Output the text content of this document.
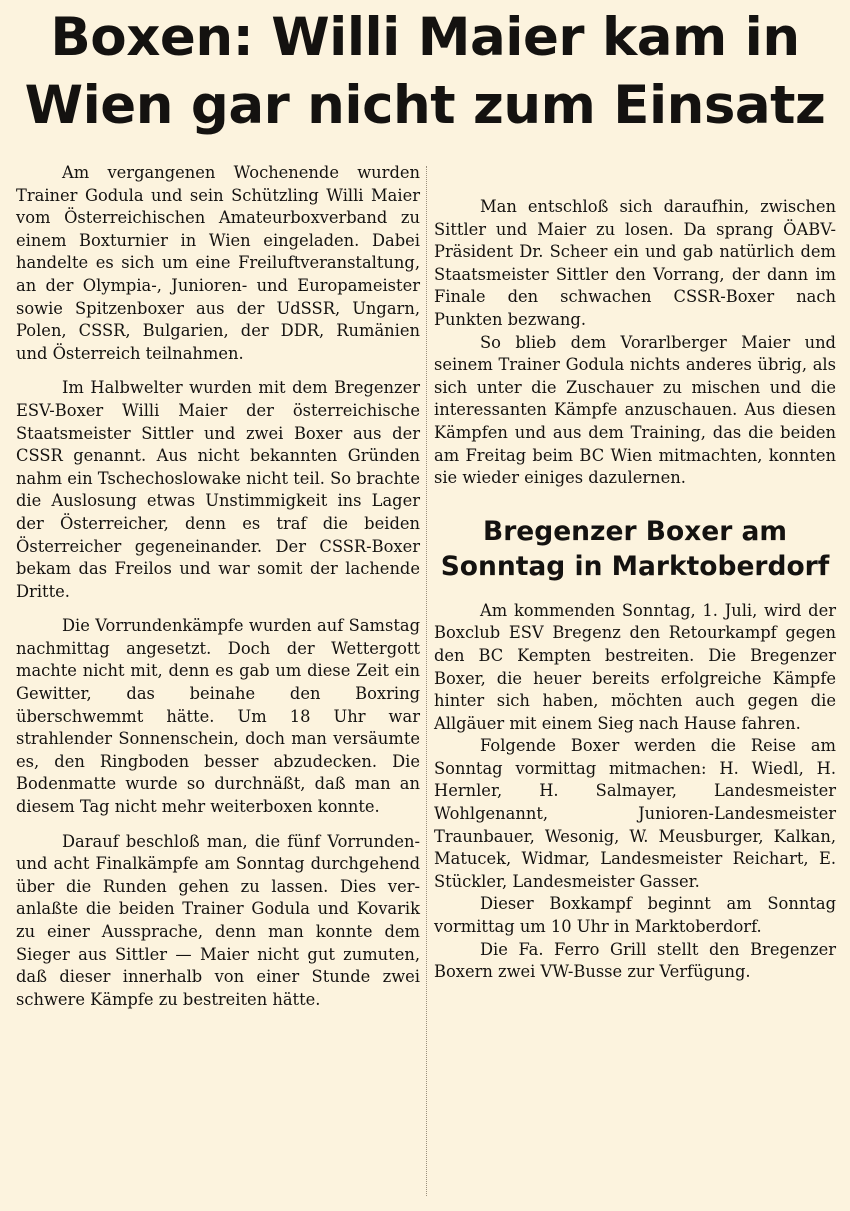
Boxen: Willi Maier kam in Wien gar nicht zum Einsatz

Am vergangenen Wochenende wurden Trainer Godula und sein Schützling Willi Maier vom Österreichischen Amateurboxverband zu einem Boxturnier in Wien eingeladen. Dabei handelte es sich um eine Freiluftveranstaltung, an der Olympia-, Junioren- und Europameister sowie Spitzenboxer aus der UdSSR, Ungarn, Polen, CSSR, Bulgarien, der DDR, Rumänien und Österreich teilnahmen.

Im Halbwelter wurden mit dem Bregenzer ESV-Boxer Willi Maier der österreichische Staatsmeister Sittler und zwei Boxer aus der CSSR genannt. Aus nicht bekannten Gründen nahm ein Tschechoslowake nicht teil. So brachte die Auslosung etwas Unstimmigkeit ins Lager der Österreicher, denn es traf die beiden Österreicher gegeneinander. Der CSSR-Boxer bekam das Freilos und war somit der lachende Dritte.

Die Vorrundenkämpfe wurden auf Samstag nachmittag angesetzt. Doch der Wettergott machte nicht mit, denn es gab um diese Zeit ein Gewitter, das beinahe den Boxring überschwemmt hätte. Um 18 Uhr war strahlender Sonnenschein, doch man versäumte es, den Ringboden besser abzudecken. Die Bodenmatte wurde so durchnäßt, daß man an diesem Tag nicht mehr weiterboxen konnte.

Darauf beschloß man, die fünf Vorrunden- und acht Finalkämpfe am Sonntag durchgehend über die Runden gehen zu lassen. Dies veranlaßte die beiden Trainer Godula und Kovarik zu einer Aussprache, denn man konnte dem Sieger aus Sittler — Maier nicht gut zumuten, daß dieser innerhalb von einer Stunde zwei schwere Kämpfe zu bestreiten hätte.

Man entschloß sich daraufhin, zwischen Sittler und Maier zu losen. Da sprang ÖABV-Präsident Dr. Scheer ein und gab natürlich dem Staatsmeister Sittler den Vorrang, der dann im Finale den schwachen CSSR-Boxer nach Punkten bezwang.

So blieb dem Vorarlberger Maier und seinem Trainer Godula nichts anderes übrig, als sich unter die Zuschauer zu mischen und die interessanten Kämpfe anzuschauen. Aus diesen Kämpfen und aus dem Training, das die beiden am Freitag beim BC Wien mitmachten, konnten sie wieder einiges dazulernen.

Bregenzer Boxer am Sonntag in Marktoberdorf

Am kommenden Sonntag, 1. Juli, wird der Boxclub ESV Bregenz den Retourkampf gegen den BC Kempten bestreiten. Die Bregenzer Boxer, die heuer bereits erfolgreiche Kämpfe hinter sich haben, möchten auch gegen die Allgäuer mit einem Sieg nach Hause fahren.

Folgende Boxer werden die Reise am Sonntag vormittag mitmachen: H. Wiedl, H. Hernler, H. Salmayer, Landesmeister Wohlgenannt, Junioren-Landesmeister Traunbauer, Wesonig, W. Meusburger, Kalkan, Matucek, Widmar, Landesmeister Reichart, E. Stückler, Landesmeister Gasser.

Dieser Boxkampf beginnt am Sonntag vormittag um 10 Uhr in Marktoberdorf.

Die Fa. Ferro Grill stellt den Bregenzer Boxern zwei VW-Busse zur Verfügung.
